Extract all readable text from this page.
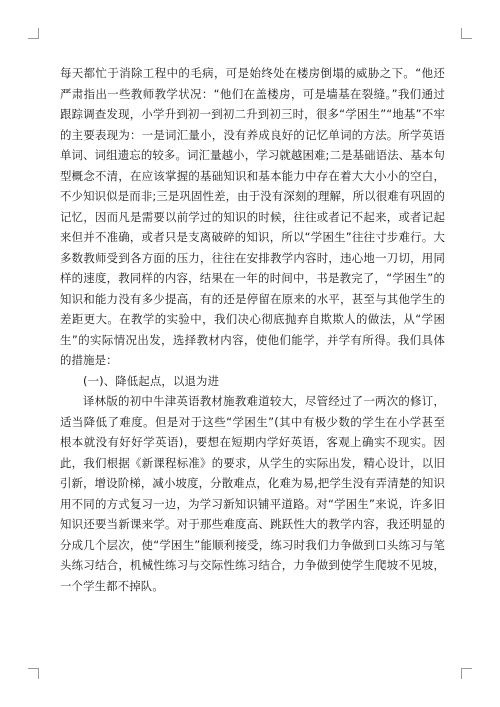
每天都忙于消除工程中的毛病，可是始终处在楼房倒塌的威胁之下。“他还严肃指出一些教师教学状况：“他们在盖楼房，可是墙基在裂缝。”我们通过跟踪调查发现，小学升到初一到初二升到初三时，很多“学困生”“地基”不牢的主要表现为：一是词汇量小，没有养成良好的记忆单词的方法。所学英语单词、词组遗忘的较多。词汇量越小，学习就越困难;二是基础语法、基本句型概念不清，在应该掌握的基础知识和基本能力中存在着大大小小的空白，不少知识似是而非;三是巩固性差，由于没有深刻的理解，所以很难有巩固的记忆，因而凡是需要以前学过的知识的时候，往往或者记不起来，或者记起来但并不准确，或者只是支离破碎的知识，所以“学困生”往往寸步难行。大多数教师受到各方面的压力，往往在安排教学内容时，违心地一刀切，用同样的速度，教同样的内容，结果在一年的时间中，书是教完了，“学困生”的知识和能力没有多少提高，有的还是停留在原来的水平，甚至与其他学生的差距更大。在教学的实验中，我们决心彻底抛弃自欺欺人的做法，从“学困生”的实际情况出发，选择教材内容，使他们能学，并学有所得。我们具体的措施是：

(一)、降低起点，以退为进

译林版的初中牛津英语教材施教难道较大，尽管经过了一两次的修订，适当降低了难度。但是对于这些“学困生”(其中有极少数的学生在小学甚至根本就没有好好学英语)，要想在短期内学好英语，客观上确实不现实。因此，我们根据《新课程标准》的要求，从学生的实际出发，精心设计，以旧引新，增设阶梯，减小坡度，分散难点，化难为易,把学生没有弄清楚的知识用不同的方式复习一边，为学习新知识铺平道路。对“学困生”来说，许多旧知识还要当新课来学。对于那些难度高、跳跃性大的教学内容，我还明显的分成几个层次，使“学困生”能顺利接受，练习时我们力争做到口头练习与笔头练习结合，机械性练习与交际性练习结合，力争做到使学生爬坡不见坡，一个学生都不掉队。
